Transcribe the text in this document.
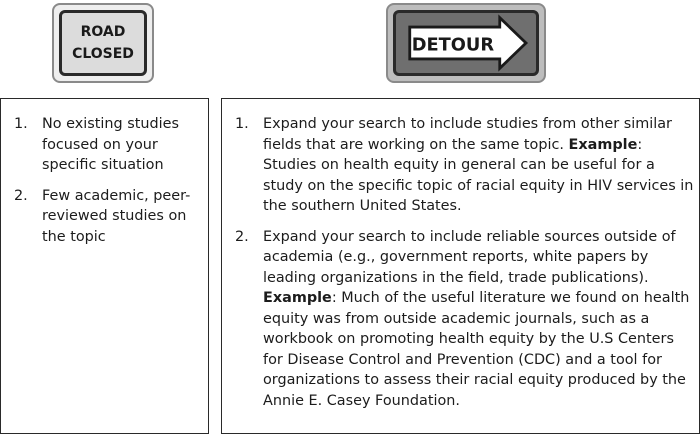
ROAD
CLOSED	DETOUR
1. No existing studies focused on your specific situation
2. Few academic, peer-reviewed studies on the topic
1. Expand your search to include studies from other similar fields that are working on the same topic. Example: Studies on health equity in general can be useful for a study on the specific topic of racial equity in HIV services in the southern United States.
2. Expand your search to include reliable sources outside of academia (e.g., government reports, white papers by leading organizations in the field, trade publications). Example: Much of the useful literature we found on health equity was from outside academic journals, such as a workbook on promoting health equity by the U.S Centers for Disease Control and Prevention (CDC) and a tool for organizations to assess their racial equity produced by the Annie E. Casey Foundation.
